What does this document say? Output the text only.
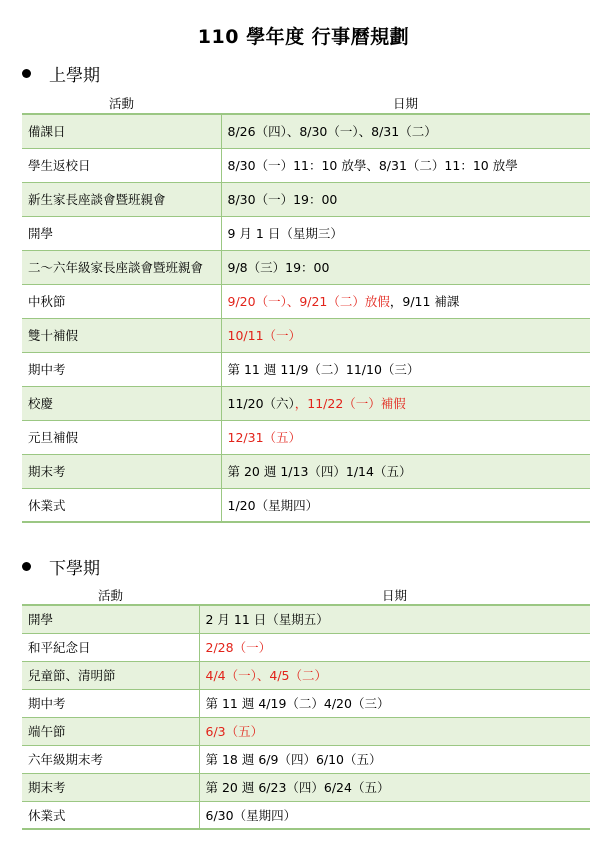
110 學年度 行事曆規劃
上學期
活動	日期
備課日	8/26（四）、8/30（一）、8/31（二）
學生返校日	8/30（一）11：10 放學、8/31（二）11：10 放學
新生家長座談會暨班親會	8/30（一）19：00
開學	9 月 1 日（星期三）
二～六年級家長座談會暨班親會	9/8（三）19：00
中秋節	9/20（一）、9/21（二）放假，9/11 補課
雙十補假	10/11（一）
期中考	第 11 週 11/9（二）11/10（三）
校慶	11/20（六），11/22（一）補假
元旦補假	12/31（五）
期末考	第 20 週 1/13（四）1/14（五）
休業式	1/20（星期四）
下學期
活動	日期
開學	2 月 11 日（星期五）
和平紀念日	2/28（一）
兒童節、清明節	4/4（一）、4/5（二）
期中考	第 11 週 4/19（二）4/20（三）
端午節	6/3（五）
六年級期末考	第 18 週 6/9（四）6/10（五）
期末考	第 20 週 6/23（四）6/24（五）
休業式	6/30（星期四）
